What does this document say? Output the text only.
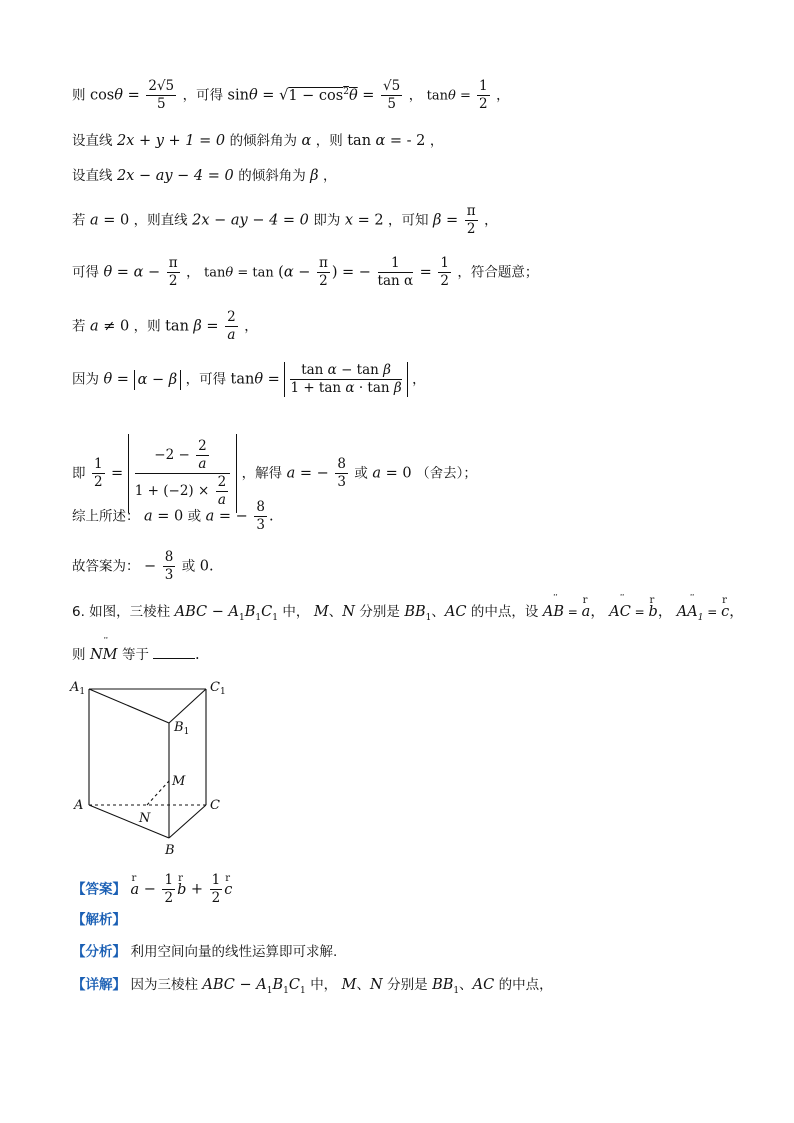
则 $\cos\theta = \frac{2√5}{5}$ ，可得 $\sin\theta = √1 - \cos^2\theta = \frac{√5}{5}$ ， $\tan\theta = \frac{1}{2}$ ，
设直线 2x + y + 1 = 0 的倾斜角为 α ，则 tan α = - 2 ，
设直线 2x − ay − 4 = 0 的倾斜角为 β ，
若 a = 0 ，则直线 2x − ay − 4 = 0 即为 x = 2 ，可知 $\beta = \frac{\pi}{2}$ ，
可得 $\theta = \alpha - \frac{\pi}{2}$ ， $\tan\theta = \tan (\alpha - \frac{\pi}{2}$ ) = − $\frac{1}{\text{tan α}} = \frac{1}{2}$ ，符合题意；
若 a ≠ 0 ，则 $\tan \beta = \frac{2}{a}$ ，
因为 θ = α − β ，可得 $\tan\theta = \frac{\text{tan α − tan β}}{\text{1 + tan α · tan β}}$ ，
即 $\frac{1}{2} = \frac{-2 - \frac{2}{a}}{1 + (-2) \times \frac{2}{a}}$ ，解得 a = − $\frac{8}{3}$ 或 a = 0 （舍去）；
综上所述： a = 0 或 a = − $\frac{8}{3}$ .
故答案为： − $\frac{8}{3}$ 或 0.
6. 如图，三棱柱 ABC − $A_1B_1C_1$ 中， M、N 分别是 $BB_1$、AC 的中点，设 ¨ AB = r a， ¨ AC = r b， ¨ $AA_1 = r$ c，
则 ¨ NM 等于	.
$A_1$	$C_1$
$B_1$
M
A	C
N
B
【答案】 r $a - \frac{1}{2}$ r $b + \frac{1}{2}$ r c
【解析】
【分析】 利用空间向量的线性运算即可求解.
【详解】 因为三棱柱 ABC − $A_1B_1C_1$ 中， M、N 分别是 $BB_1$、AC 的中点，
